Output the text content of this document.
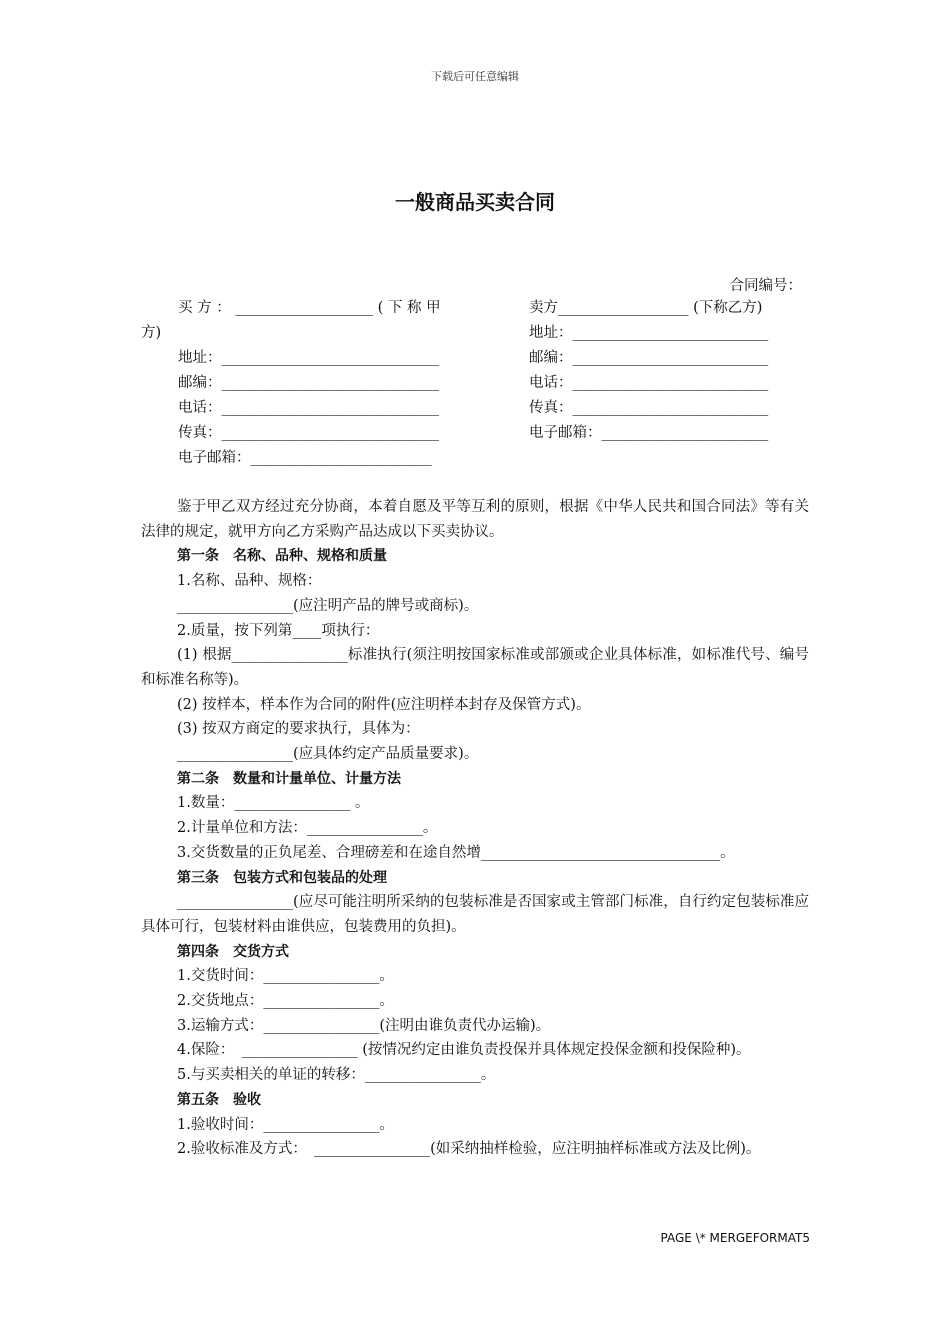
下载后可任意编辑
一般商品买卖合同
合同编号：
买 方 ： ___________________ ( 下 称 甲
方)
地址：______________________________
邮编：______________________________
电话：______________________________
传真：______________________________
电子邮箱：_________________________
卖方__________________ (下称乙方)
地址：___________________________
邮编：___________________________
电话：___________________________
传真：___________________________
电子邮箱：_______________________

鉴于甲乙双方经过充分协商，本着自愿及平等互利的原则，根据《中华人民共和国合同法》等有关法律的规定，就甲方向乙方采购产品达成以下买卖协议。

第一条　名称、品种、规格和质量

1.名称、品种、规格：

________________(应注明产品的牌号或商标)。

2.质量，按下列第____项执行：

(1) 根据________________标准执行(须注明按国家标准或部颁或企业具体标准，如标准代号、编号和标准名称等)。

(2) 按样本，样本作为合同的附件(应注明样本封存及保管方式)。

(3) 按双方商定的要求执行，具体为：

________________(应具体约定产品质量要求)。

第二条　数量和计量单位、计量方法

1.数量：________________ 。

2.计量单位和方法：________________。

3.交货数量的正负尾差、合理磅差和在途自然增_________________________________。

第三条　包装方式和包装品的处理

________________(应尽可能注明所采纳的包装标准是否国家或主管部门标准，自行约定包装标准应具体可行，包装材料由谁供应，包装费用的负担)。

第四条　交货方式

1.交货时间：________________。

2.交货地点：________________。

3.运输方式：________________(注明由谁负责代办运输)。

4.保险：　________________ (按情况约定由谁负责投保并具体规定投保金额和投保险种)。

5.与买卖相关的单证的转移：________________。

第五条　验收

1.验收时间：________________。

2.验收标准及方式：　________________(如采纳抽样检验，应注明抽样标准或方法及比例)。

PAGE \* MERGEFORMAT5
